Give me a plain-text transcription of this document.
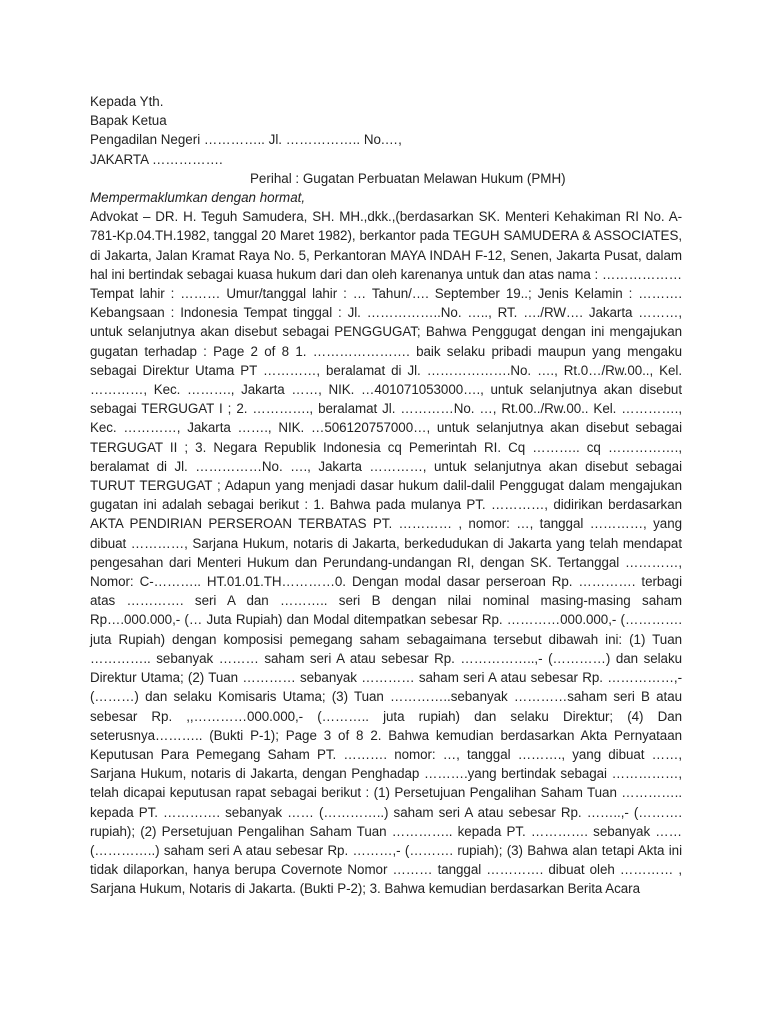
Kepada Yth.
Bapak Ketua
Pengadilan Negeri ………….. Jl. …………….. No.…,
JAKARTA …………….
Perihal : Gugatan Perbuatan Melawan Hukum (PMH)
Mempermaklumkan dengan hormat,
Advokat – DR. H. Teguh Samudera, SH. MH.,dkk.,(berdasarkan SK. Menteri Kehakiman RI No. A-781-Kp.04.TH.1982, tanggal 20 Maret 1982), berkantor pada TEGUH SAMUDERA & ASSOCIATES, di Jakarta, Jalan Kramat Raya No. 5, Perkantoran MAYA INDAH F-12, Senen, Jakarta Pusat, dalam hal ini bertindak sebagai kuasa hukum dari dan oleh karenanya untuk dan atas nama : ……………… Tempat lahir : ……… Umur/tanggal lahir : … Tahun/…. September 19..; Jenis Kelamin : ………. Kebangsaan : Indonesia Tempat tinggal : Jl. ……………..No. ….., RT. …./RW…. Jakarta ………, untuk selanjutnya akan disebut sebagai PENGGUGAT; Bahwa Penggugat dengan ini mengajukan gugatan terhadap : Page 2 of 8 1. …………………. baik selaku pribadi maupun yang mengaku sebagai Direktur Utama PT …………, beralamat di Jl. ……………….No. …., Rt.0…/Rw.00.., Kel. …………, Kec. ………., Jakarta ……, NIK. …401071053000…., untuk selanjutnya akan disebut sebagai TERGUGAT I ; 2. …………., beralamat Jl. …………No. …, Rt.00../Rw.00.. Kel. …………., Kec. …………, Jakarta ……., NIK. …506120757000…, untuk selanjutnya akan disebut sebagai TERGUGAT II ; 3. Negara Republik Indonesia cq Pemerintah RI. Cq ……….. cq ……………., beralamat di Jl. ……………No. …., Jakarta …………, untuk selanjutnya akan disebut sebagai TURUT TERGUGAT ; Adapun yang menjadi dasar hukum dalil-dalil Penggugat dalam mengajukan gugatan ini adalah sebagai berikut : 1. Bahwa pada mulanya PT. …………, didirikan berdasarkan AKTA PENDIRIAN PERSEROAN TERBATAS PT. ………… , nomor: …, tanggal …………, yang dibuat …………, Sarjana Hukum, notaris di Jakarta, berkedudukan di Jakarta yang telah mendapat pengesahan dari Menteri Hukum dan Perundang-undangan RI, dengan SK. Tertanggal …………, Nomor: C-……….. HT.01.01.TH…………0. Dengan modal dasar perseroan Rp. …………. terbagi atas …………. seri A dan ……….. seri B dengan nilai nominal masing-masing saham Rp….000.000,- (… Juta Rupiah) dan Modal ditempatkan sebesar Rp. …………000.000,- (…………. juta Rupiah) dengan komposisi pemegang saham sebagaimana tersebut dibawah ini: (1) Tuan ………….. sebanyak ……… saham seri A atau sebesar Rp. ……………..,- (…………) dan selaku Direktur Utama; (2) Tuan ………… sebanyak ………… saham seri A atau sebesar Rp. ……………,- (………) dan selaku Komisaris Utama; (3) Tuan …………..sebanyak …………saham seri B atau sebesar Rp. ,,…………000.000,- (……….. juta rupiah) dan selaku Direktur; (4) Dan seterusnya……….. (Bukti P-1); Page 3 of 8 2. Bahwa kemudian berdasarkan Akta Pernyataan Keputusan Para Pemegang Saham PT. ………. nomor: …, tanggal ………., yang dibuat ……, Sarjana Hukum, notaris di Jakarta, dengan Penghadap ……….yang bertindak sebagai ……………, telah dicapai keputusan rapat sebagai berikut : (1) Persetujuan Pengalihan Saham Tuan ………….. kepada PT. …………. sebanyak …… (…………..) saham seri A atau sebesar Rp. ……..,- (………. rupiah); (2) Persetujuan Pengalihan Saham Tuan ………….. kepada PT. …………. sebanyak …… (…………..) saham seri A atau sebesar Rp. ………,- (………. rupiah); (3) Bahwa alan tetapi Akta ini tidak dilaporkan, hanya berupa Covernote Nomor ……… tanggal …………. dibuat oleh ………… , Sarjana Hukum, Notaris di Jakarta. (Bukti P-2); 3. Bahwa kemudian berdasarkan Berita Acara
